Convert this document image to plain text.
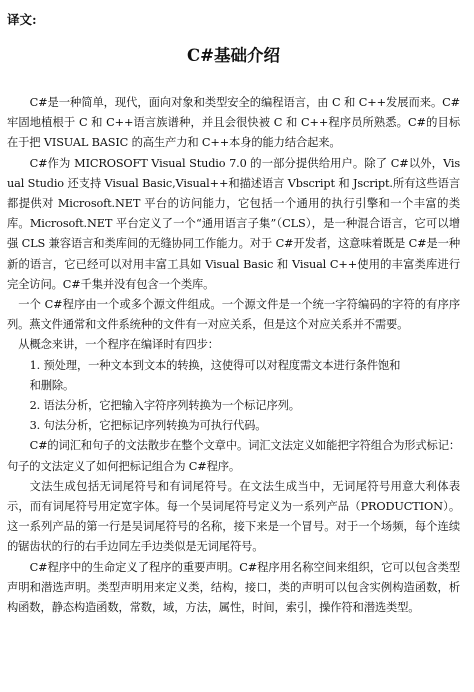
译文:

C#基础介绍

C#是一种简单，现代，面向对象和类型安全的编程语言，由 C 和 C++发展而来。C#牢固地植根于 C 和 C++语言族谱种，并且会很快被 C 和 C++程序员所熟悉。C#的目标在于把 VISUAL BASIC 的高生产力和 C++本身的能力结合起来。

C#作为 MICROSOFT Visual Studio 7.0 的一部分提供给用户。除了 C#以外，Visual Studio 还支持 Visual Basic,Visual++和描述语言 Vbscript 和 Jscript.所有这些语言都提供对 Microsoft.NET 平台的访问能力，它包括一个通用的执行引擎和一个丰富的类库。Microsoft.NET 平台定义了一个“通用语言子集”（CLS），是一种混合语言，它可以增强 CLS 兼容语言和类库间的无缝协同工作能力。对于 C#开发者，这意味着既是 C#是一种新的语言，它已经可以对用丰富工具如 Visual Basic 和 Visual C++使用的丰富类库进行完全访问。C#千集并没有包含一个类库。

一个 C#程序由一个或多个源文件组成。一个源文件是一个统一字符编码的字符的有序序列。燕文件通常和文件系统种的文件有一对应关系，但是这个对应关系并不需要。

从概念来讲，一个程序在编译时有四步：

1. 预处理，一种文本到文本的转换，这使得可以对程度需文本进行条件饱和

和删除。

2. 语法分析，它把输入字符序列转换为一个标记序列。

3. 句法分析，它把标记序列转换为可执行代码。

C#的词汇和句子的文法散步在整个文章中。词汇文法定义如能把字符组合为形式标记：句子的文法定义了如何把标记组合为 C#程序。

文法生成包括无词尾符号和有词尾符号。在文法生成当中，无词尾符号用意大利体表示，而有词尾符号用定宽字体。每一个吴词尾符号定义为一系列产品（PRODUCTION）。这一系列产品的第一行是吴词尾符号的名称，接下来是一个冒号。对于一个场频，每个连续的锯齿状的行的右手边同左手边类似是无词尾符号。

C#程序中的生命定义了程序的重要声明。C#程序用名称空间来组织，它可以包含类型声明和潜选声明。类型声明用来定义类，结构，接口，类的声明可以包含实例构造函数，析构函数，静态构造函数，常数，域，方法，属性，时间，索引，操作符和潜选类型。
